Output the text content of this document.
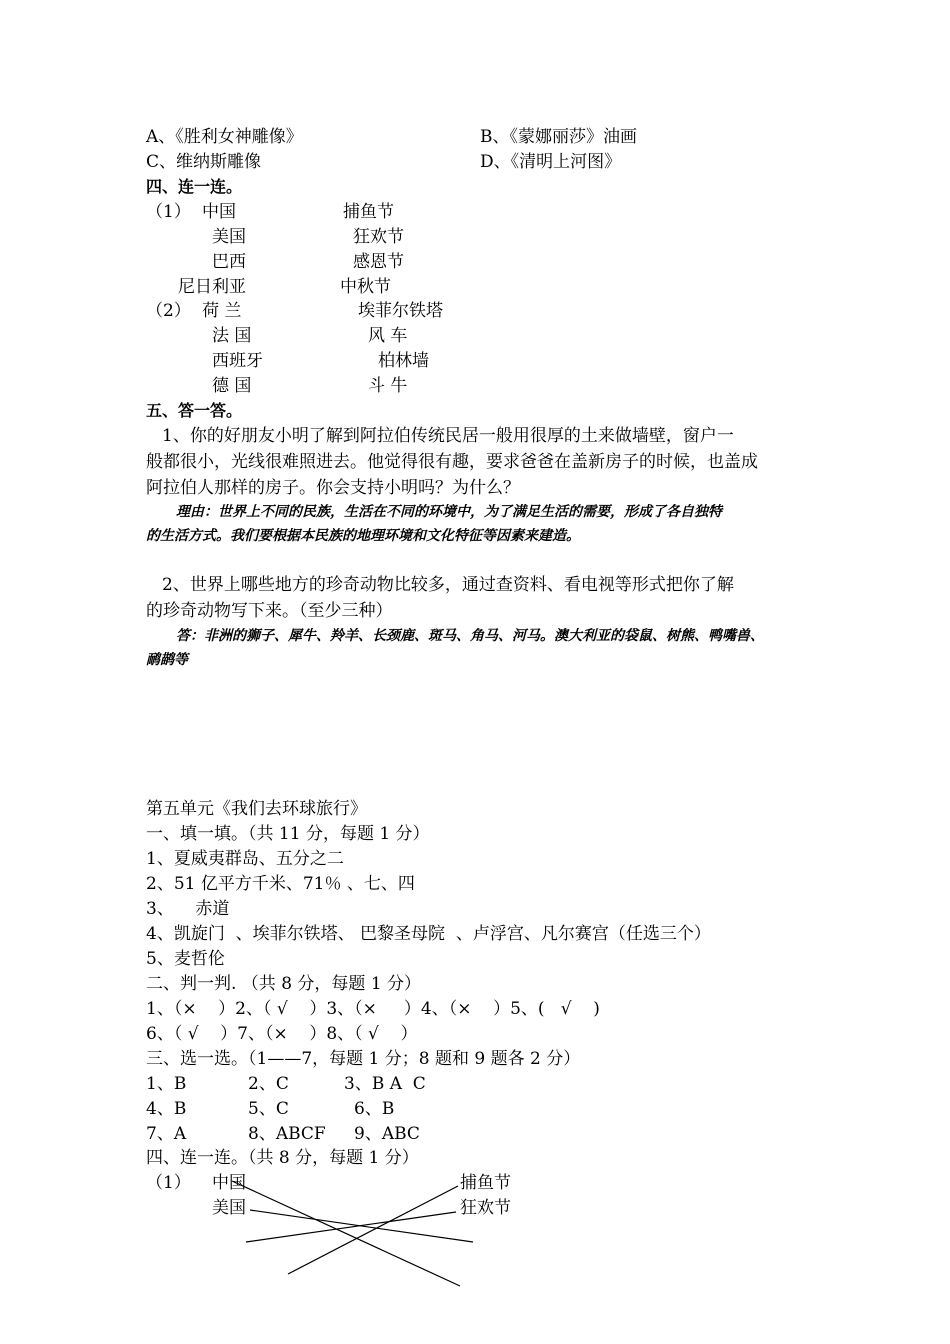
A、《胜利女神雕像》	B、《蒙娜丽莎》油画
C、维纳斯雕像	D、《清明上河图》
四、连一连。
（1） 中国	捕鱼节
美国	狂欢节
巴西	感恩节
尼日利亚	中秋节
（2） 荷 兰	埃菲尔铁塔
法 国	风 车
西班牙	柏林墙
德 国	斗 牛
五、答一答。
1、你的好朋友小明了解到阿拉伯传统民居一般用很厚的土来做墙壁，窗户一
般都很小，光线很难照进去。他觉得很有趣，要求爸爸在盖新房子的时候，也盖成
阿拉伯人那样的房子。你会支持小明吗？为什么？
理由：世界上不同的民族，生活在不同的环境中，为了满足生活的需要，形成了各自独特
的生活方式。我们要根据本民族的地理环境和文化特征等因素来建造。
2、世界上哪些地方的珍奇动物比较多，通过查资料、看电视等形式把你了解
的珍奇动物写下来。（至少三种）
答：非洲的狮子、犀牛、羚羊、长颈鹿、斑马、角马、河马。澳大利亚的袋鼠、树熊、鸭嘴兽、
鸸鹋等
第五单元《我们去环球旅行》
一、填一填。（共 11 分，每题 1 分）
1、夏威夷群岛、五分之二
2、51 亿平方千米、71％ 、七、四
3、    赤道
4、凯旋门  、埃菲尔铁塔、 巴黎圣母院  、卢浮宫、凡尔赛宫（任选三个）
5、麦哲伦
二、判一判. （共 8 分，每题 1 分）
1、（×    ）2、（ √    ）3、（×     ）4、（×    ）5、(   √    )
6、（ √    ）7、（×    ）8、（ √    ）
三、选一选。（1——7，每题 1 分；8 题和 9 题各 2 分）
1、B	2、C	3、B A  C
4、B	5、C	6、B
7、A	8、ABCF 9、ABC
四、连一连。（共 8 分，每题 1 分）
（1） 中国	捕鱼节
美国	狂欢节
